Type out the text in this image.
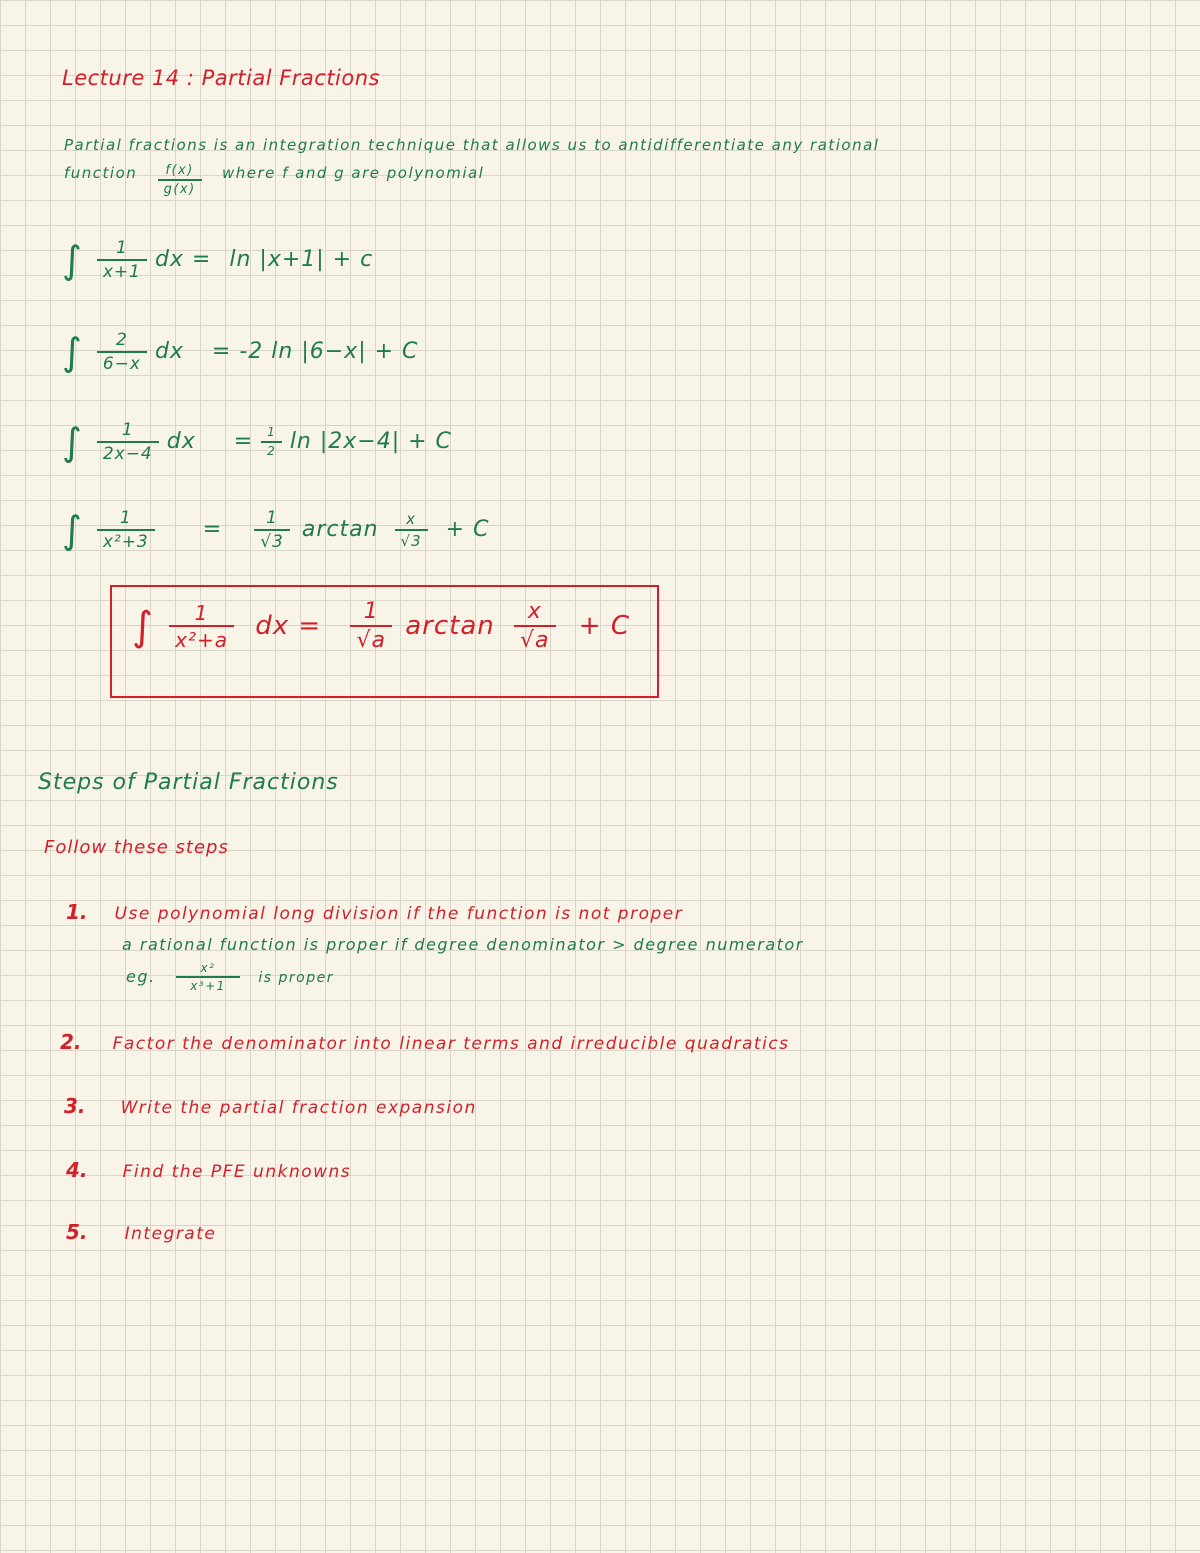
Lecture 14 : Partial Fractions
Partial fractions is an integration technique that allows us to antidifferentiate any rational
function $\frac{f(x)}{g(x)}$ where f and g are polynomial
∫ $\frac{1}{x+1}$ dx = ln |x+1| + c
∫ $\frac{2}{6-x}$ dx = -2 ln |6−x| + C
∫ $\frac{1}{2x-4}$ dx = $\frac{1}{2}$ ln |2x−4| + C
∫ $\frac{1}{\text{x²+3}} = \frac{1}{√3}$ $\arctan \frac{x}{√3} + C$
∫ $\frac{1}{\text{x²+a}}$ dx = $\frac{1}{√a}$ $\arctan \frac{x}{√a} + C$
Steps of Partial Fractions
Follow these steps
1. Use polynomial long division if the function is not proper
a rational function is proper if degree denominator > degree numerator
eg. $\frac{\text{x²}}{\text{x³+1}}$ is proper
2. Factor the denominator into linear terms and irreducible quadratics
3. Write the partial fraction expansion
4. Find the PFE unknowns
5. Integrate
